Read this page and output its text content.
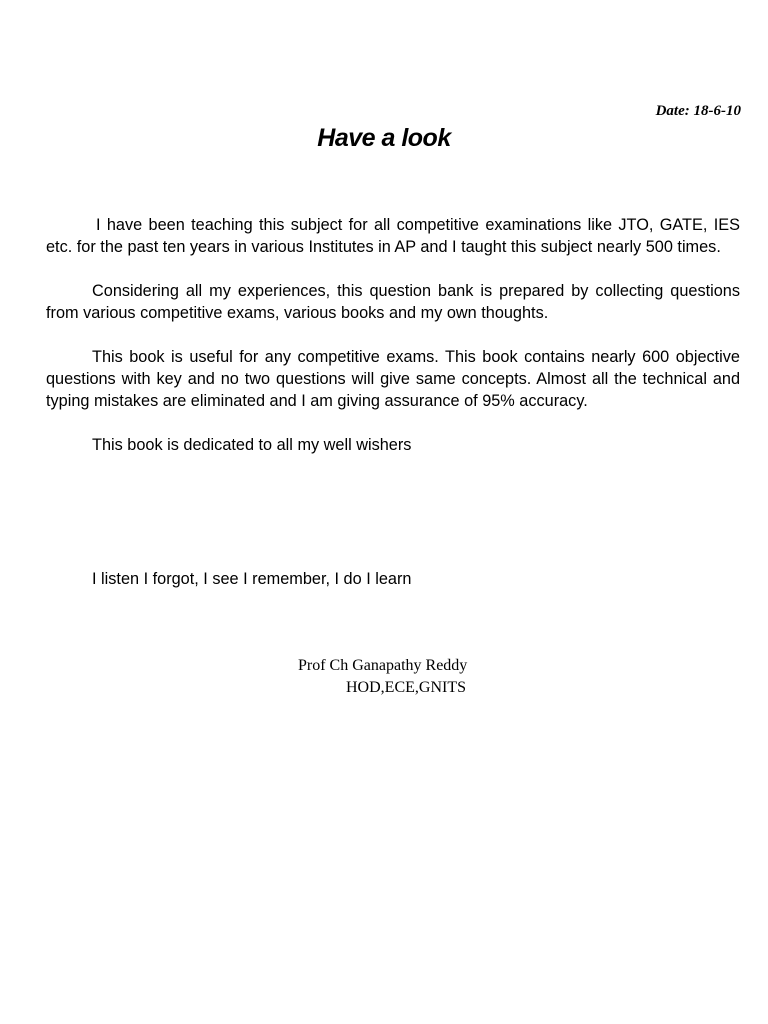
Date: 18-6-10
Have a look

I have been teaching this subject for all competitive examinations like JTO, GATE, IES etc. for the past ten years in various Institutes in AP and I taught this subject nearly 500 times.

Considering all my experiences, this question bank is prepared by collecting questions from various competitive exams, various books and my own thoughts.

This book is useful for any competitive exams. This book contains nearly 600 objective questions with key and no two questions will give same concepts. Almost all the technical and typing mistakes are eliminated and I am giving assurance of 95% accuracy.

This book is dedicated to all my well wishers

I listen I forgot, I see I remember, I do I learn
Prof Ch Ganapathy Reddy
HOD,ECE,GNITS
